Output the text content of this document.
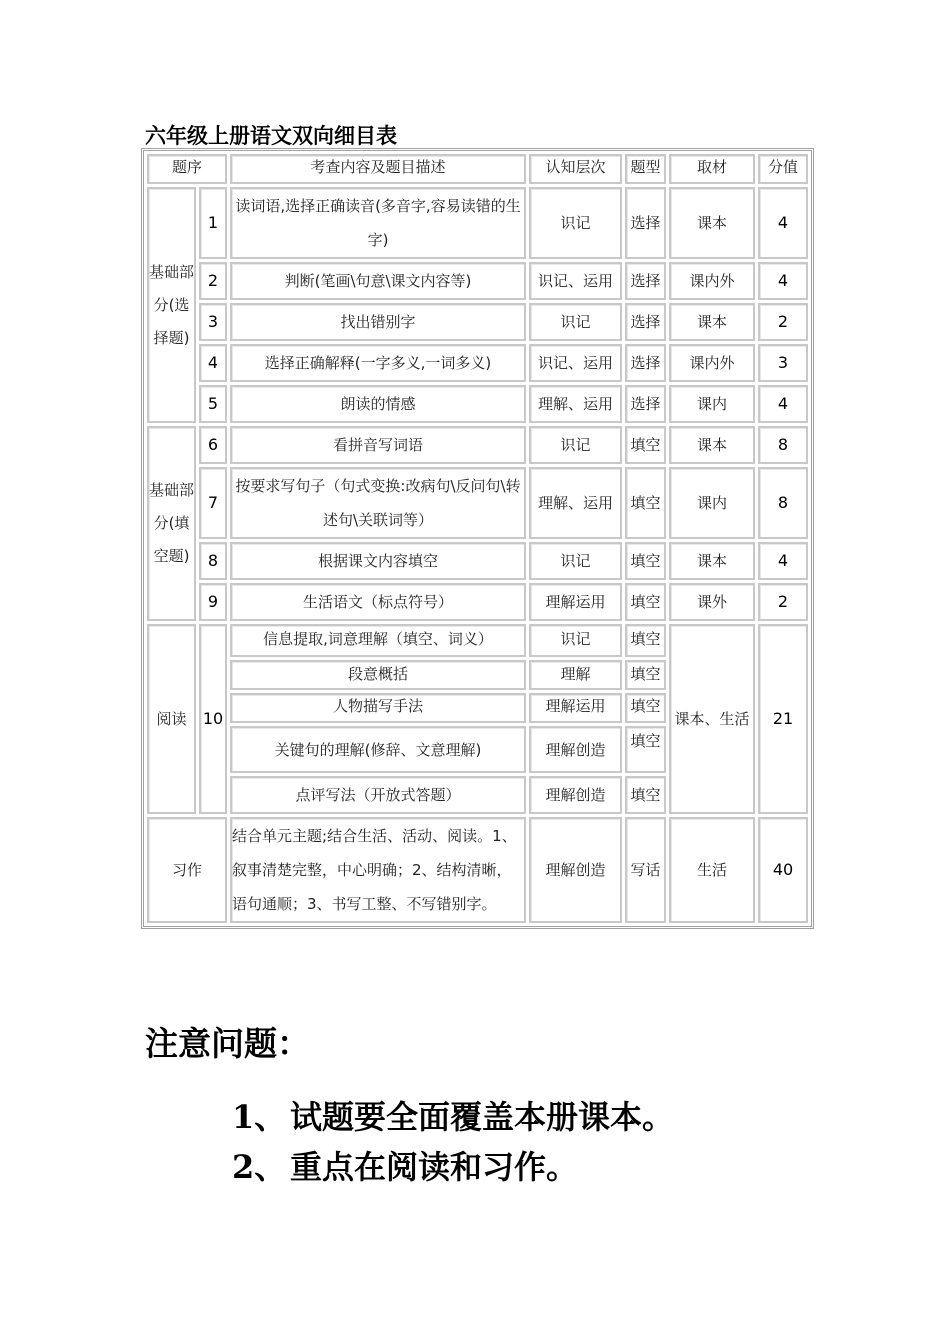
六年级上册语文双向细目表
题序		考查内容及题目描述	认知层次	题型	取材	分值
基础部分(选择题)	1	读词语,选择正确读音(多音字,容易读错的生字)	识记	选择	课本	4
	2	判断(笔画\句意\课文内容等)	识记、运用	选择	课内外	4
	3	找出错别字	识记	选择	课本	2
	4	选择正确解释(一字多义,一词多义)	识记、运用	选择	课内外	3
	5	朗读的情感	理解、运用	选择	课内	4
基础部分(填空题)	6	看拼音写词语	识记	填空	课本	8
	7	按要求写句子（句式变换:改病句\反问句\转述句\关联词等）	理解、运用	填空	课内	8
	8	根据课文内容填空	识记	填空	课本	4
	9	生活语文（标点符号）	理解运用	填空	课外	2
阅读	10	信息提取,词意理解（填空、词义）	识记	填空	课本、生活	21
		段意概括	理解	填空		
		人物描写手法	理解运用	填空		
		关键句的理解(修辞、文意理解)	理解创造	填空		
		点评写法（开放式答题）	理解创造	填空		
习作		结合单元主题;结合生活、活动、阅读。1、叙事清楚完整，中心明确；2、结构清晰，语句通顺；3、书写工整、不写错别字。	理解创造	写话	生活	40
注意问题：
1、 试题要全面覆盖本册课本。
2、 重点在阅读和习作。
